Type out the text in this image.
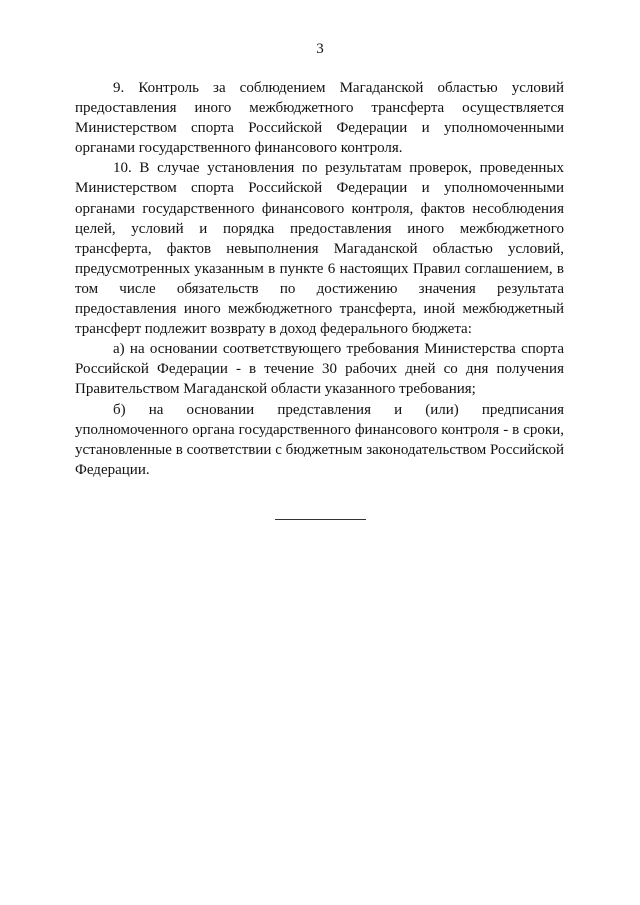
3

9. Контроль за соблюдением Магаданской областью условий предоставления иного межбюджетного трансферта осуществляется Министерством спорта Российской Федерации и уполномоченными органами государственного финансового контроля.

10. В случае установления по результатам проверок, проведенных Министерством спорта Российской Федерации и уполномоченными органами государственного финансового контроля, фактов несоблюдения целей, условий и порядка предоставления иного межбюджетного трансферта, фактов невыполнения Магаданской областью условий, предусмотренных указанным в пункте 6 настоящих Правил соглашением, в том числе обязательств по достижению значения результата предоставления иного межбюджетного трансферта, иной межбюджетный трансферт подлежит возврату в доход федерального бюджета:

а) на основании соответствующего требования Министерства спорта Российской Федерации - в течение 30 рабочих дней со дня получения Правительством Магаданской области указанного требования;

б) на основании представления и (или) предписания уполномоченного органа государственного финансового контроля - в сроки, установленные в соответствии с бюджетным законодательством Российской Федерации.
